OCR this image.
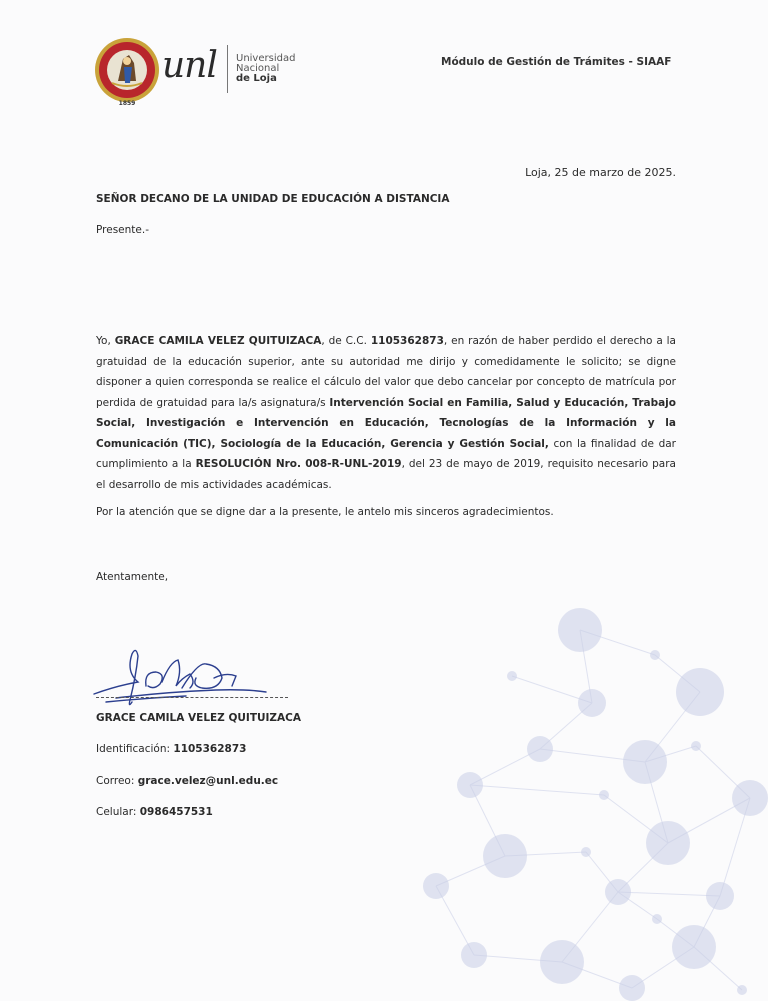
1859
unl Universidad
Nacional
de Loja
Módulo de Gestión de Trámites - SIAAF
Loja, 25 de marzo de 2025.
SEÑOR DECANO DE LA UNIDAD DE EDUCACIÓN A DISTANCIA
Presente.-
Yo, GRACE CAMILA VELEZ QUITUIZACA, de C.C. 1105362873, en razón de haber perdido el derecho a la gratuidad de la educación superior, ante su autoridad me dirijo y comedidamente le solicito; se digne disponer a quien corresponda se realice el cálculo del valor que debo cancelar por concepto de matrícula por perdida de gratuidad para la/s asignatura/s Intervención Social en Familia, Salud y Educación, Trabajo Social, Investigación e Intervención en Educación, Tecnologías de la Información y la Comunicación (TIC), Sociología de la Educación, Gerencia y Gestión Social, con la finalidad de dar cumplimiento a la RESOLUCIÓN Nro. 008-R-UNL-2019, del 23 de mayo de 2019, requisito necesario para el desarrollo de mis actividades académicas.
Por la atención que se digne dar a la presente, le antelo mis sinceros agradecimientos.
Atentamente,
GRACE CAMILA VELEZ QUITUIZACA
Identificación: 1105362873
Correo: grace.velez@unl.edu.ec
Celular: 0986457531
